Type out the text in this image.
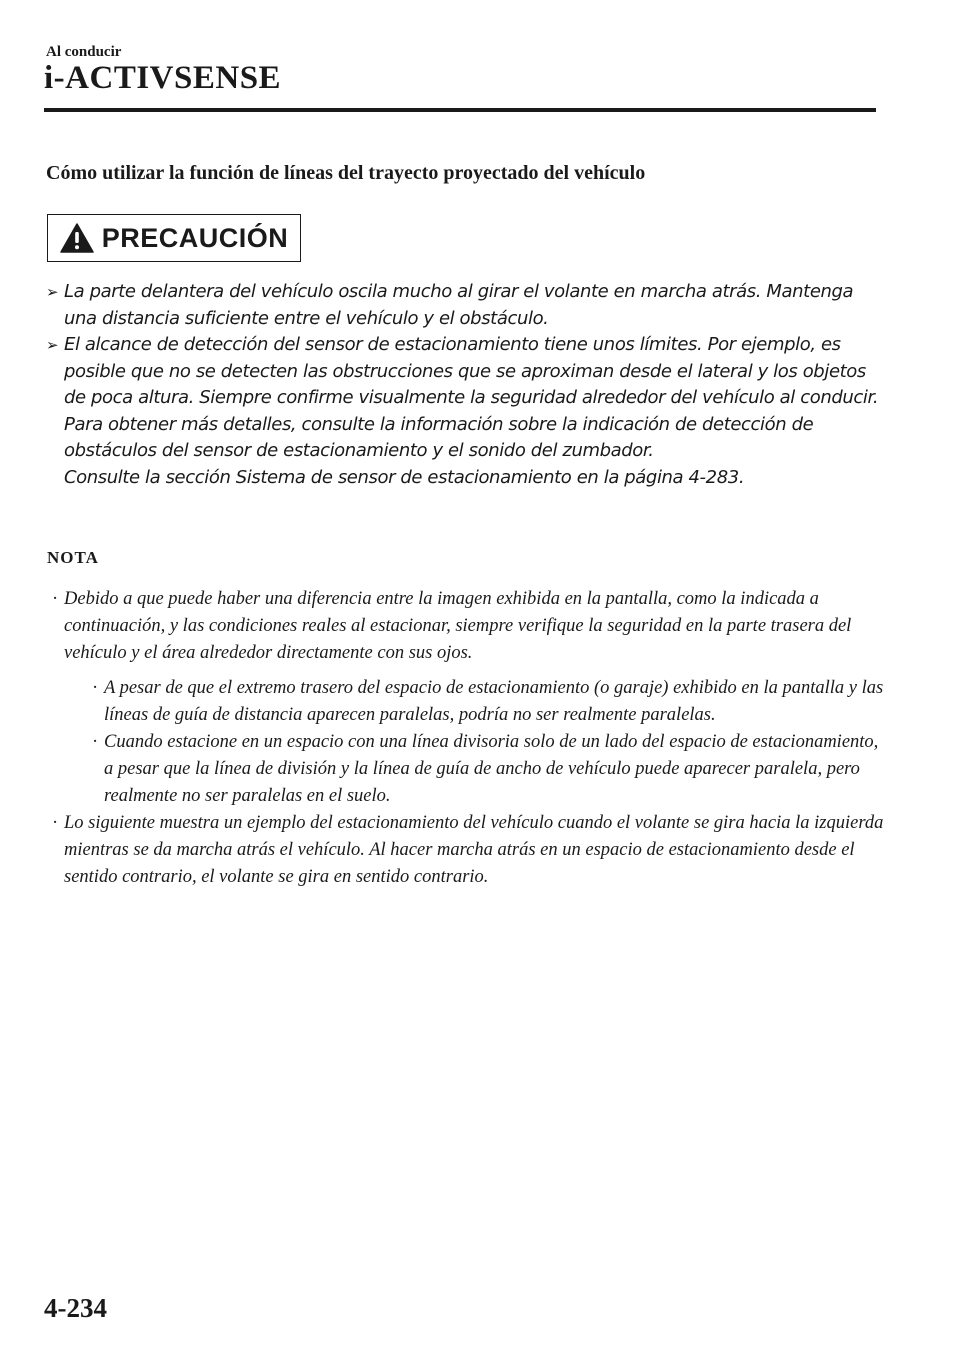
Al conducir
i-ACTIVSENSE
Cómo utilizar la función de líneas del trayecto proyectado del vehículo
PRECAUCIÓN
➢ La parte delantera del vehículo oscila mucho al girar el volante en marcha atrás. Mantenga una distancia suficiente entre el vehículo y el obstáculo.

➢ El alcance de detección del sensor de estacionamiento tiene unos límites. Por ejemplo, es posible que no se detecten las obstrucciones que se aproximan desde el lateral y los objetos de poca altura. Siempre confirme visualmente la seguridad alrededor del vehículo al conducir.

Para obtener más detalles, consulte la información sobre la indicación de detección de obstáculos del sensor de estacionamiento y el sonido del zumbador.

Consulte la sección Sistema de sensor de estacionamiento en la página 4-283.

NOTA
· Debido a que puede haber una diferencia entre la imagen exhibida en la pantalla, como la indicada a continuación, y las condiciones reales al estacionar, siempre verifique la seguridad en la parte trasera del vehículo y el área alrededor directamente con sus ojos.
· A pesar de que el extremo trasero del espacio de estacionamiento (o garaje) exhibido en la pantalla y las líneas de guía de distancia aparecen paralelas, podría no ser realmente paralelas.
· Cuando estacione en un espacio con una línea divisoria solo de un lado del espacio de estacionamiento, a pesar que la línea de división y la línea de guía de ancho de vehículo puede aparecer paralela, pero realmente no ser paralelas en el suelo.
· Lo siguiente muestra un ejemplo del estacionamiento del vehículo cuando el volante se gira hacia la izquierda mientras se da marcha atrás el vehículo. Al hacer marcha atrás en un espacio de estacionamiento desde el sentido contrario, el volante se gira en sentido contrario.
4-234
